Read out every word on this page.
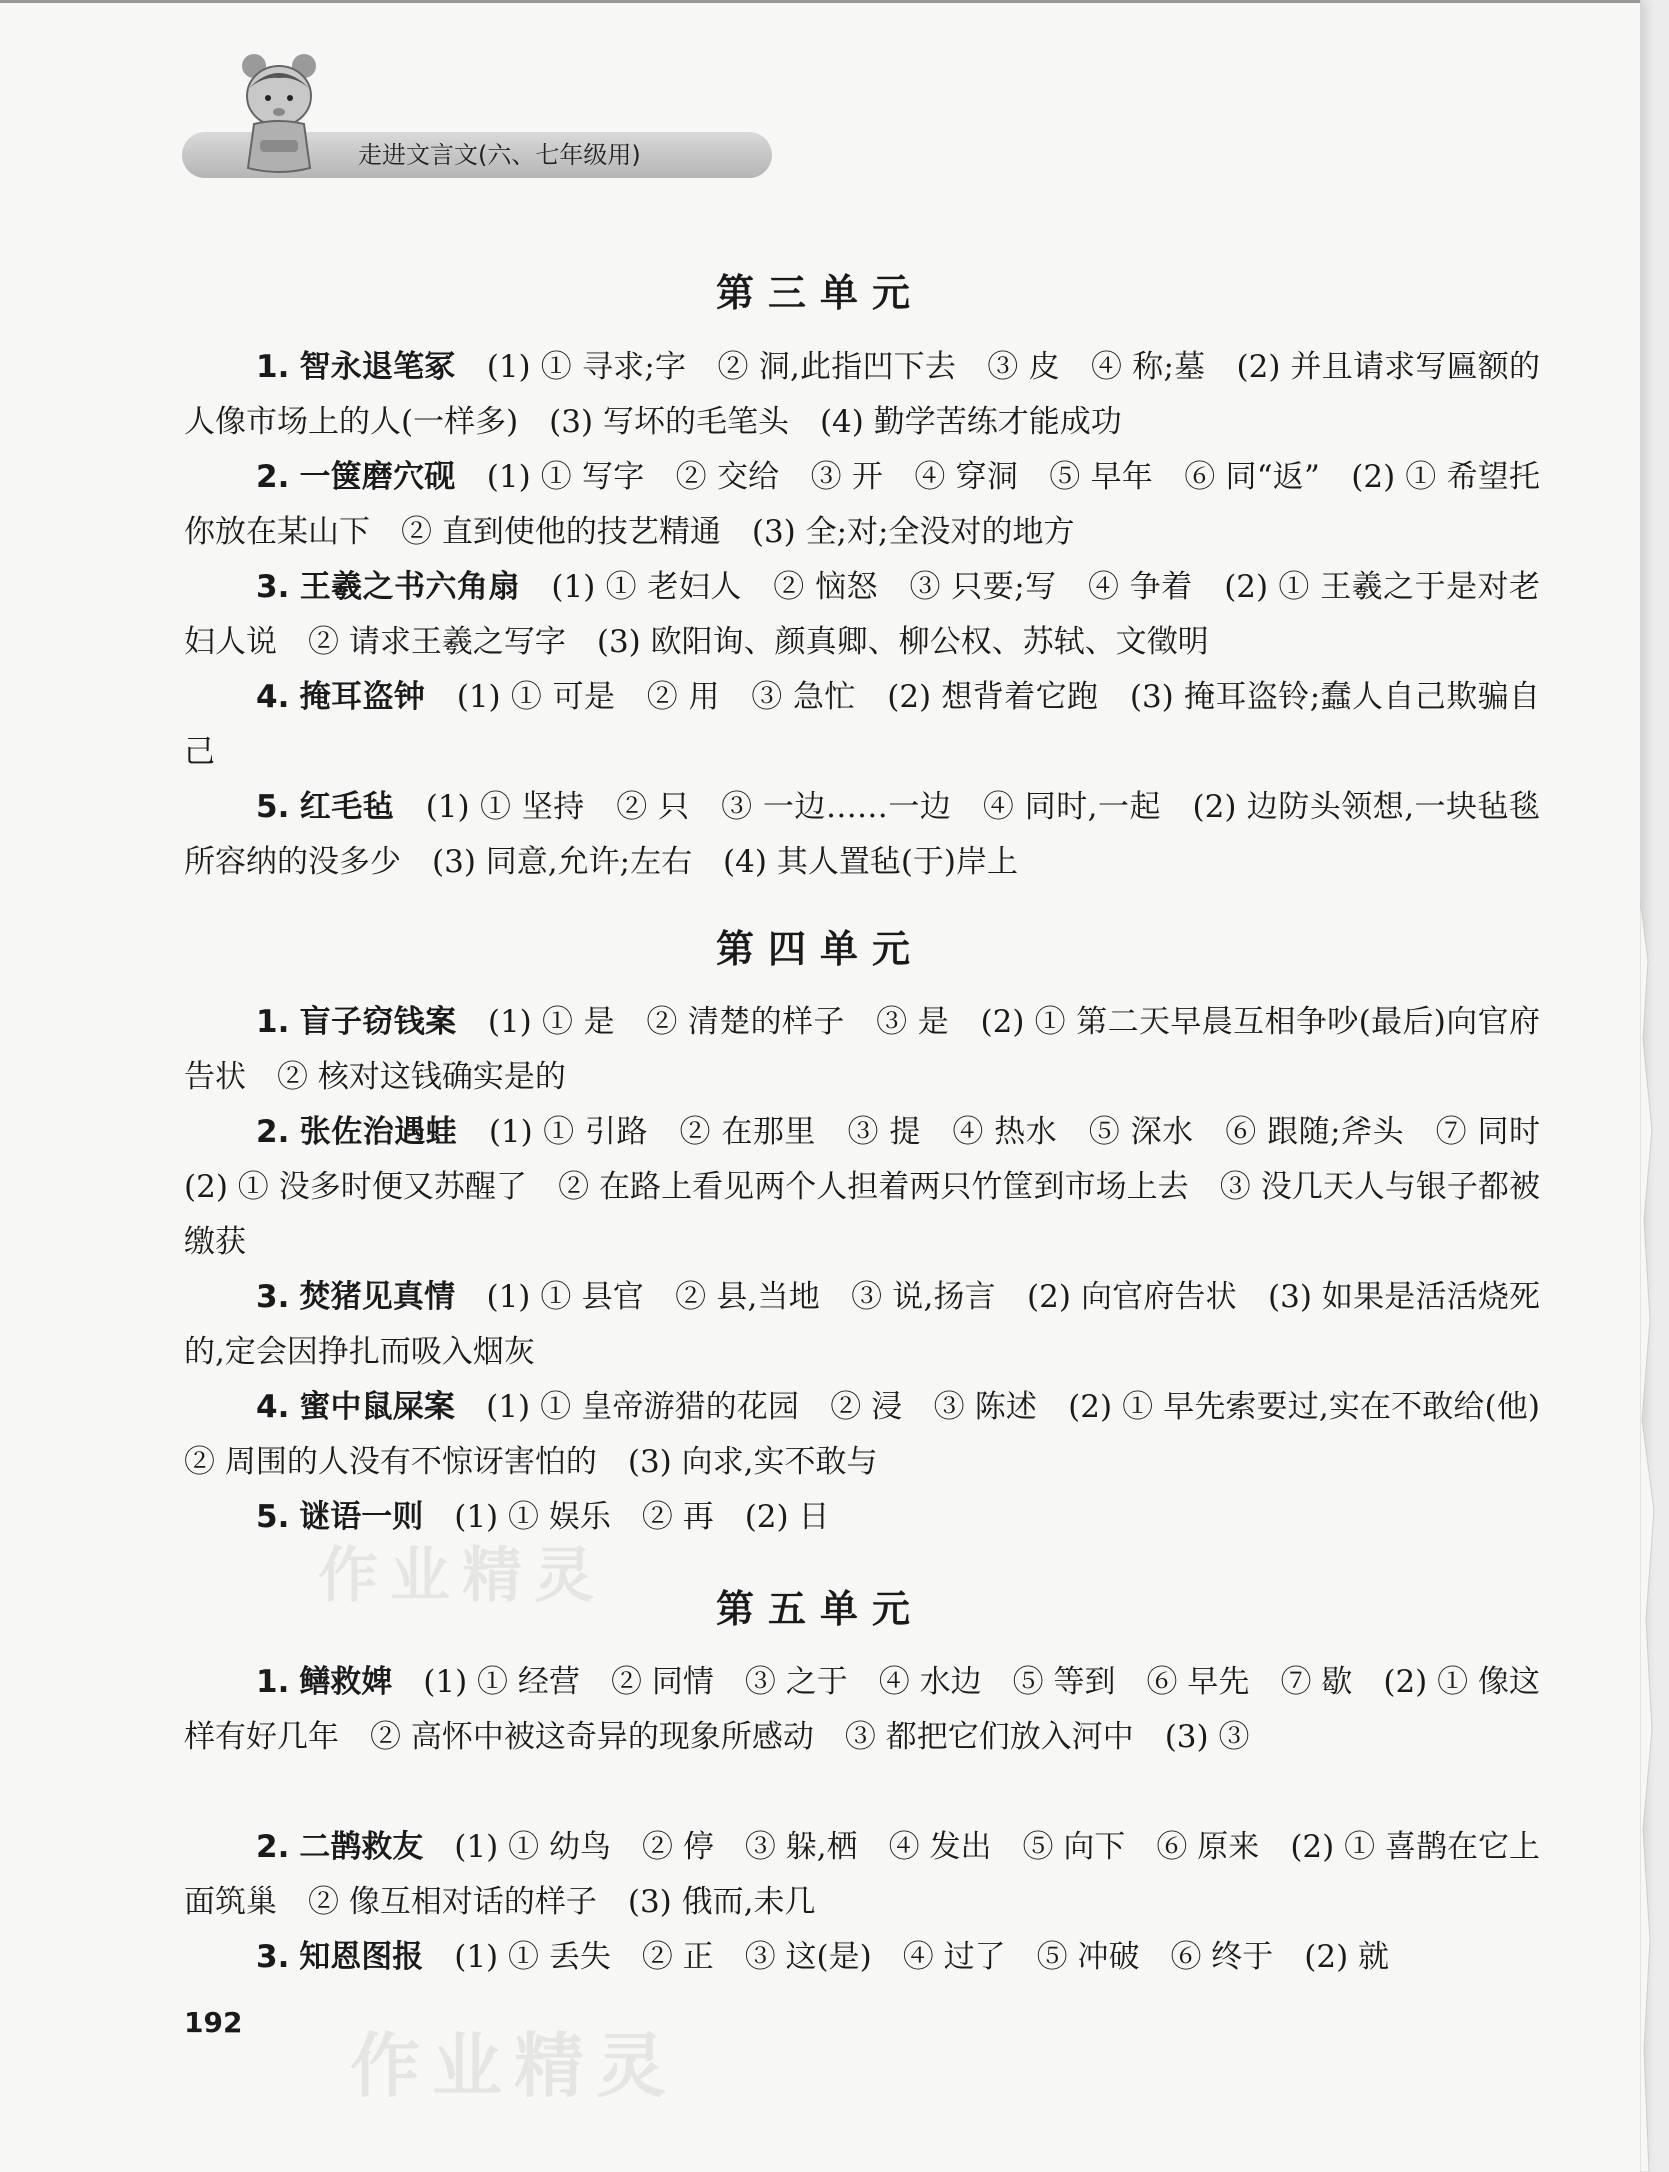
走进文言文(六、七年级用)
第三单元

1. 智永退笔冢　 (1) ① 寻求;字　② 洞,此指凹下去　③ 皮　④ 称;墓　(2) 并且请求写匾额的人像市场上的人(一样多)　(3) 写坏的毛笔头　(4) 勤学苦练才能成功

2. 一箧磨穴砚　 (1) ① 写字　② 交给　③ 开　④ 穿洞　⑤ 早年　⑥ 同“返”　(2) ① 希望托你放在某山下　② 直到使他的技艺精通　(3) 全;对;全没对的地方

3. 王羲之书六角扇　 (1) ① 老妇人　② 恼怒　③ 只要;写　④ 争着　(2) ① 王羲之于是对老妇人说　② 请求王羲之写字　(3) 欧阳询、颜真卿、柳公权、苏轼、文徵明

4. 掩耳盗钟　 (1) ① 可是　② 用　③ 急忙　(2) 想背着它跑　(3) 掩耳盗铃;蠢人自己欺骗自己

5. 红毛毡　 (1) ① 坚持　② 只　③ 一边……一边　④ 同时,一起　(2) 边防头领想,一块毡毯所容纳的没多少　(3) 同意,允许;左右　(4) 其人置毡(于)岸上

第四单元

1. 盲子窃钱案　 (1) ① 是　② 清楚的样子　③ 是　(2) ① 第二天早晨互相争吵(最后)向官府告状　② 核对这钱确实是的

2. 张佐治遇蛙　 (1) ① 引路　② 在那里　③ 提　④ 热水　⑤ 深水　⑥ 跟随;斧头　⑦ 同时　(2) ① 没多时便又苏醒了　② 在路上看见两个人担着两只竹筐到市场上去　③ 没几天人与银子都被缴获

3. 焚猪见真情　 (1) ① 县官　② 县,当地　③ 说,扬言　(2) 向官府告状　(3) 如果是活活烧死的,定会因挣扎而吸入烟灰

4. 蜜中鼠屎案　 (1) ① 皇帝游猎的花园　② 浸　③ 陈述　(2) ① 早先索要过,实在不敢给(他)　② 周围的人没有不惊讶害怕的　(3) 向求,实不敢与

5. 谜语一则　 (1) ① 娱乐　② 再　(2) 日

第五单元

1. 鳝救婢　 (1) ① 经营　② 同情　③ 之于　④ 水边　⑤ 等到　⑥ 早先　⑦ 歇　(2) ① 像这样有好几年　② 高怀中被这奇异的现象所感动　③ 都把它们放入河中　(3) ③

2. 二鹊救友　 (1) ① 幼鸟　② 停　③ 躲,栖　④ 发出　⑤ 向下　⑥ 原来　(2) ① 喜鹊在它上面筑巢　② 像互相对话的样子　(3) 俄而,未几

3. 知恩图报　 (1) ① 丢失　② 正　③ 这(是)　④ 过了　⑤ 冲破　⑥ 终于　(2) 就

192
作业精灵
作业精灵
